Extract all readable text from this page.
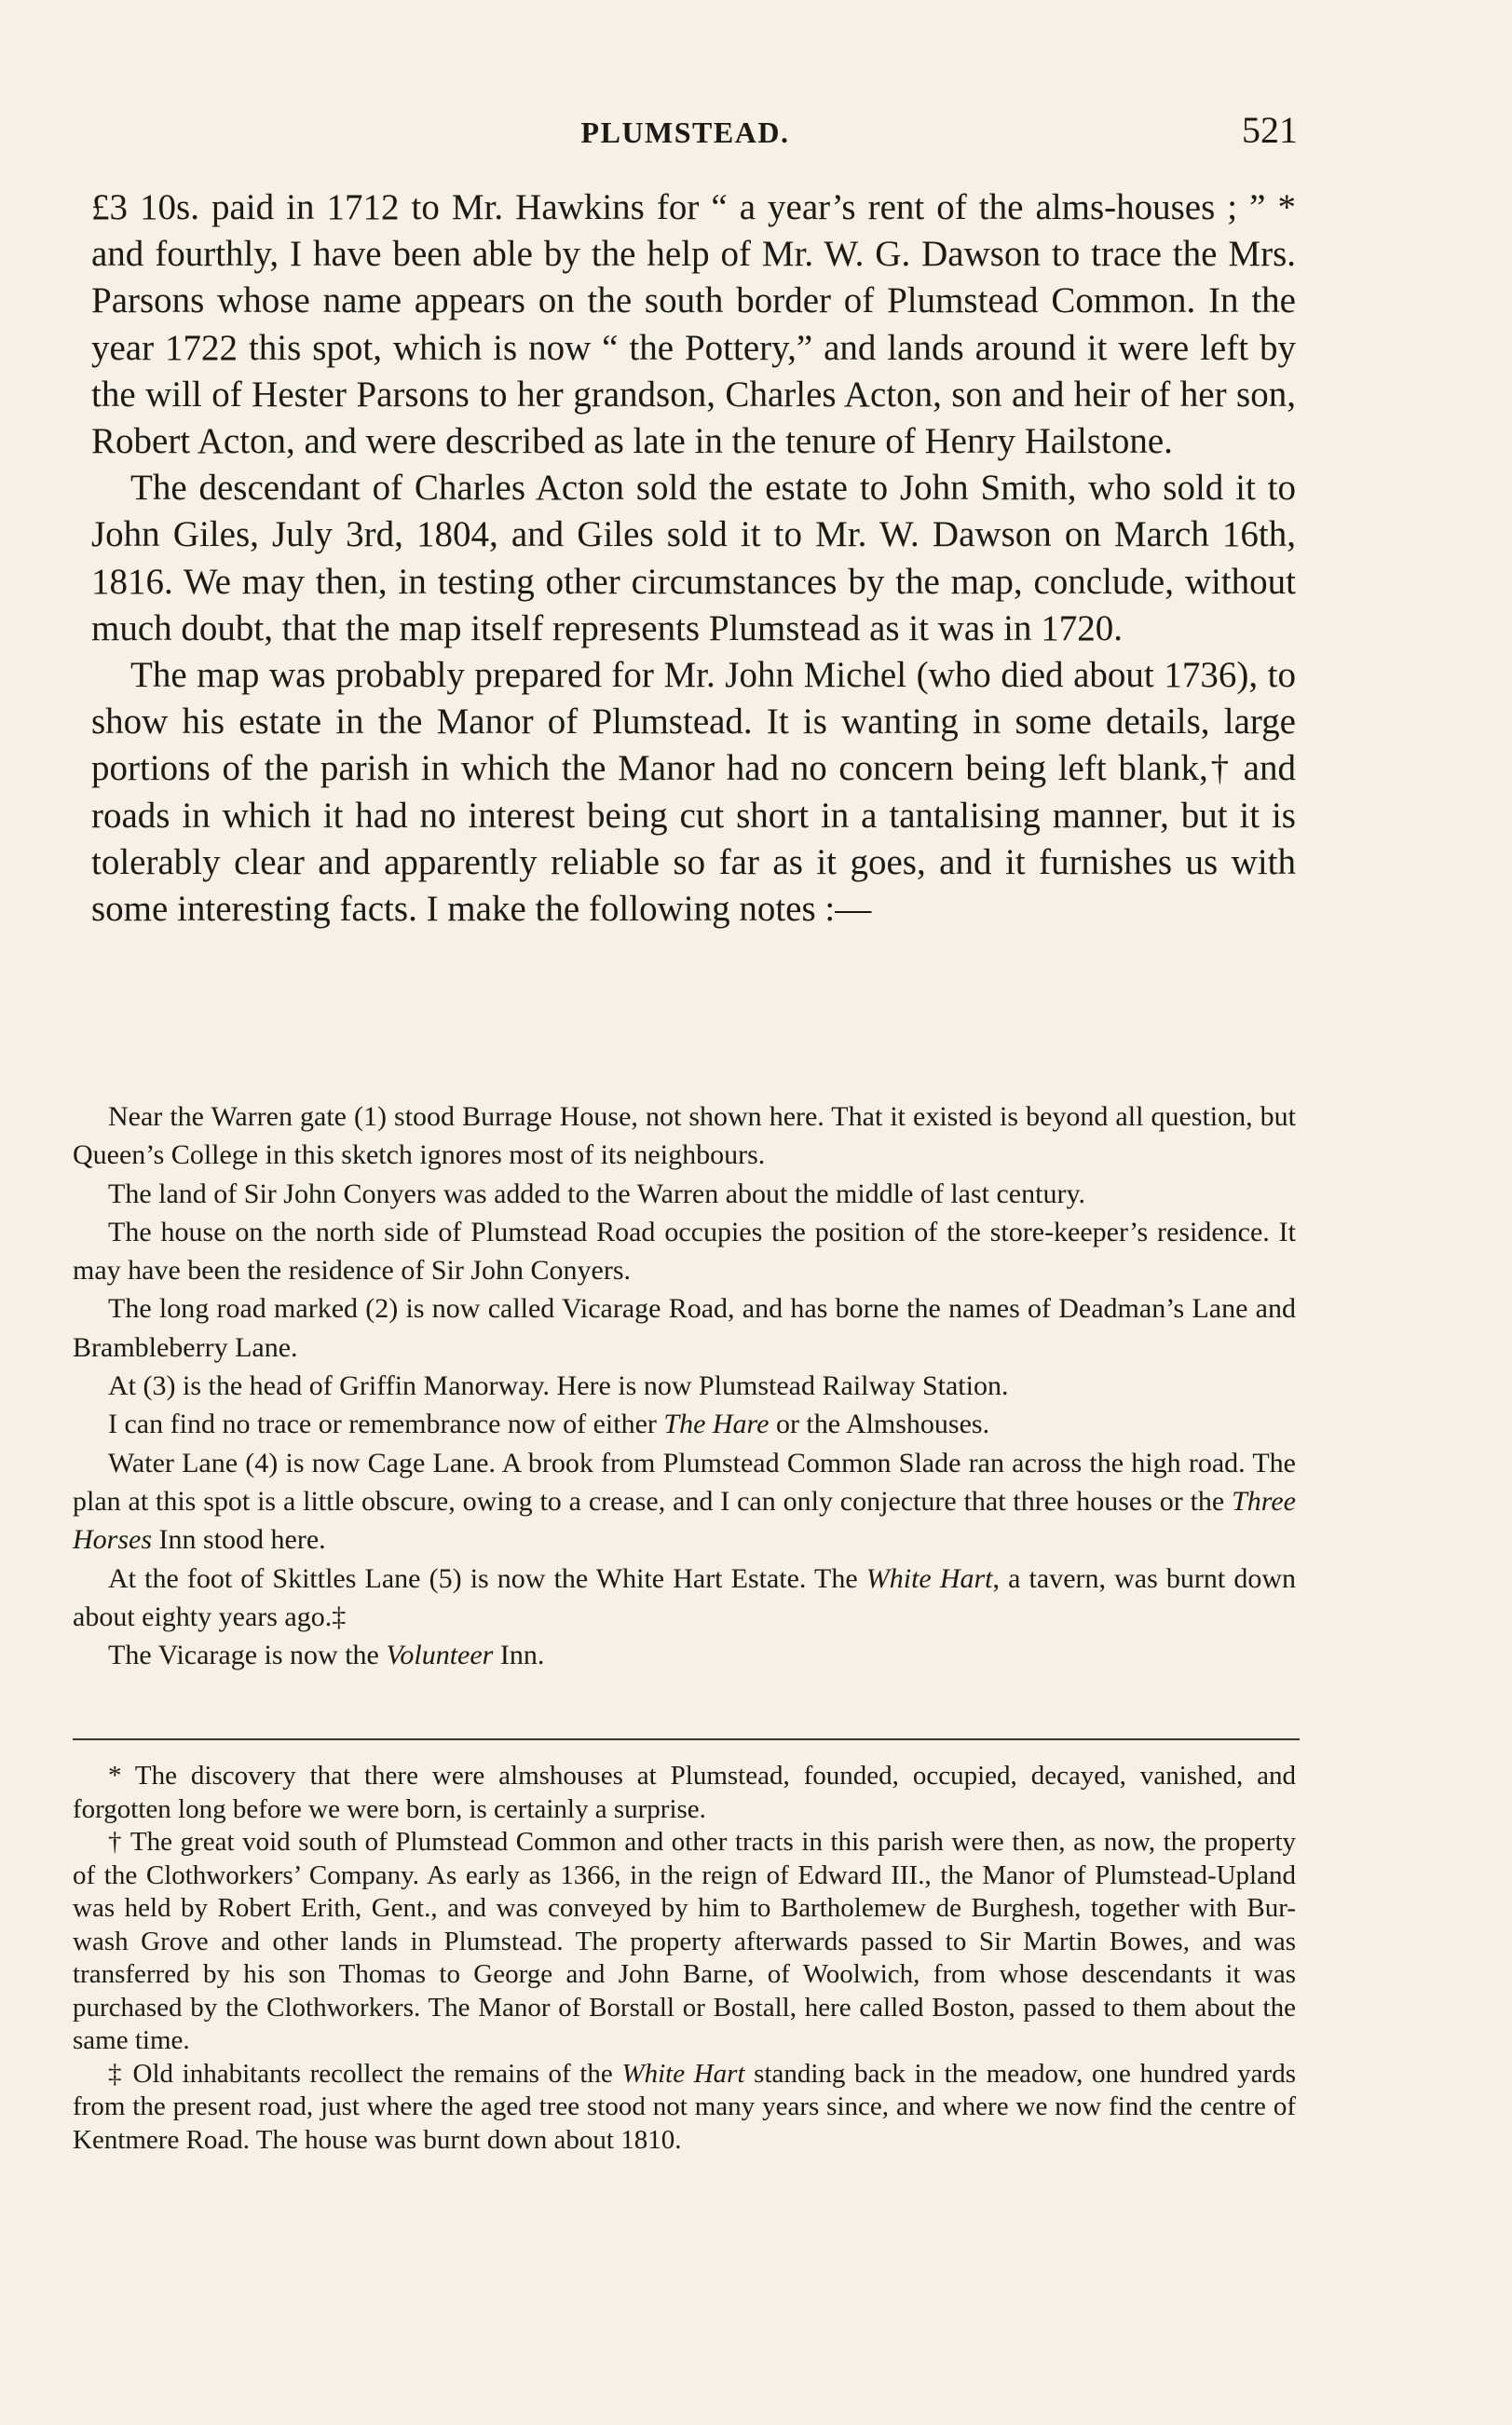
PLUMSTEAD.	521

£3 10s. paid in 1712 to Mr. Hawkins for “ a year’s rent of the alms-houses ; ” * and fourthly, I have been able by the help of Mr. W. G. Dawson to trace the Mrs. Parsons whose name appears on the south border of Plumstead Common. In the year 1722 this spot, which is now “ the Pottery,” and lands around it were left by the will of Hester Parsons to her grandson, Charles Acton, son and heir of her son, Robert Acton, and were described as late in the tenure of Henry Hailstone.

The descendant of Charles Acton sold the estate to John Smith, who sold it to John Giles, July 3rd, 1804, and Giles sold it to Mr. W. Dawson on March 16th, 1816. We may then, in testing other circumstances by the map, conclude, without much doubt, that the map itself represents Plumstead as it was in 1720.

The map was probably prepared for Mr. John Michel (who died about 1736), to show his estate in the Manor of Plumstead. It is wanting in some details, large portions of the parish in which the Manor had no concern being left blank,† and roads in which it had no interest being cut short in a tantalising manner, but it is tolerably clear and apparently reliable so far as it goes, and it furnishes us with some interesting facts. I make the following notes :—

Near the Warren gate (1) stood Burrage House, not shown here. That it existed is beyond all question, but Queen’s College in this sketch ignores most of its neighbours.

The land of Sir John Conyers was added to the Warren about the middle of last century.

The house on the north side of Plumstead Road occupies the position of the store-keeper’s residence. It may have been the residence of Sir John Conyers.

The long road marked (2) is now called Vicarage Road, and has borne the names of Deadman’s Lane and Brambleberry Lane.

At (3) is the head of Griffin Manorway. Here is now Plumstead Railway Station.

I can find no trace or remembrance now of either The Hare or the Almshouses.

Water Lane (4) is now Cage Lane. A brook from Plumstead Common Slade ran across the high road. The plan at this spot is a little obscure, owing to a crease, and I can only conjecture that three houses or the Three Horses Inn stood here.

At the foot of Skittles Lane (5) is now the White Hart Estate. The White Hart, a tavern, was burnt down about eighty years ago.‡

The Vicarage is now the Volunteer Inn.

* The discovery that there were almshouses at Plumstead, founded, occupied, decayed, vanished, and forgotten long before we were born, is certainly a surprise.

† The great void south of Plumstead Common and other tracts in this parish were then, as now, the property of the Clothworkers’ Company. As early as 1366, in the reign of Edward III., the Manor of Plumstead-Upland was held by Robert Erith, Gent., and was conveyed by him to Bartholemew de Burghesh, together with Bur-wash Grove and other lands in Plumstead. The property afterwards passed to Sir Martin Bowes, and was transferred by his son Thomas to George and John Barne, of Woolwich, from whose descendants it was purchased by the Clothworkers. The Manor of Borstall or Bostall, here called Boston, passed to them about the same time.

‡ Old inhabitants recollect the remains of the White Hart standing back in the meadow, one hundred yards from the present road, just where the aged tree stood not many years since, and where we now find the centre of Kentmere Road. The house was burnt down about 1810.
